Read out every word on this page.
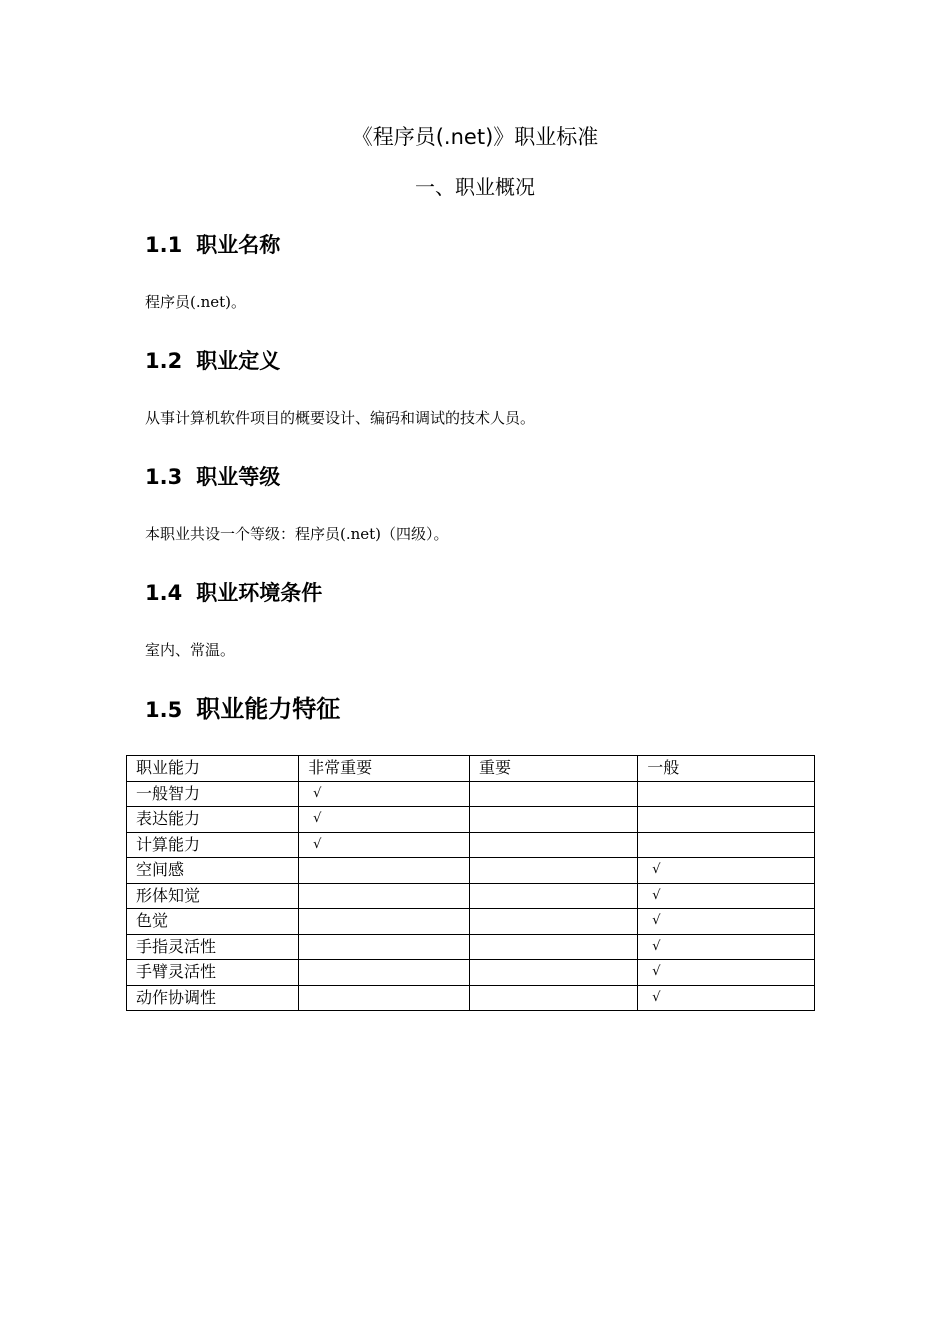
《程序员(.net)》职业标准
一、职业概况
1.1 职业名称

程序员(.net)。

1.2 职业定义

从事计算机软件项目的概要设计、编码和调试的技术人员。

1.3 职业等级

本职业共设一个等级：程序员(.net)（四级）。

1.4 职业环境条件

室内、常温。

1.5 职业能力特征
职业能力	非常重要	重要	一般
一般智力	√		
表达能力	√		
计算能力	√		
空间感			√
形体知觉			√
色觉			√
手指灵活性			√
手臂灵活性			√
动作协调性			√
